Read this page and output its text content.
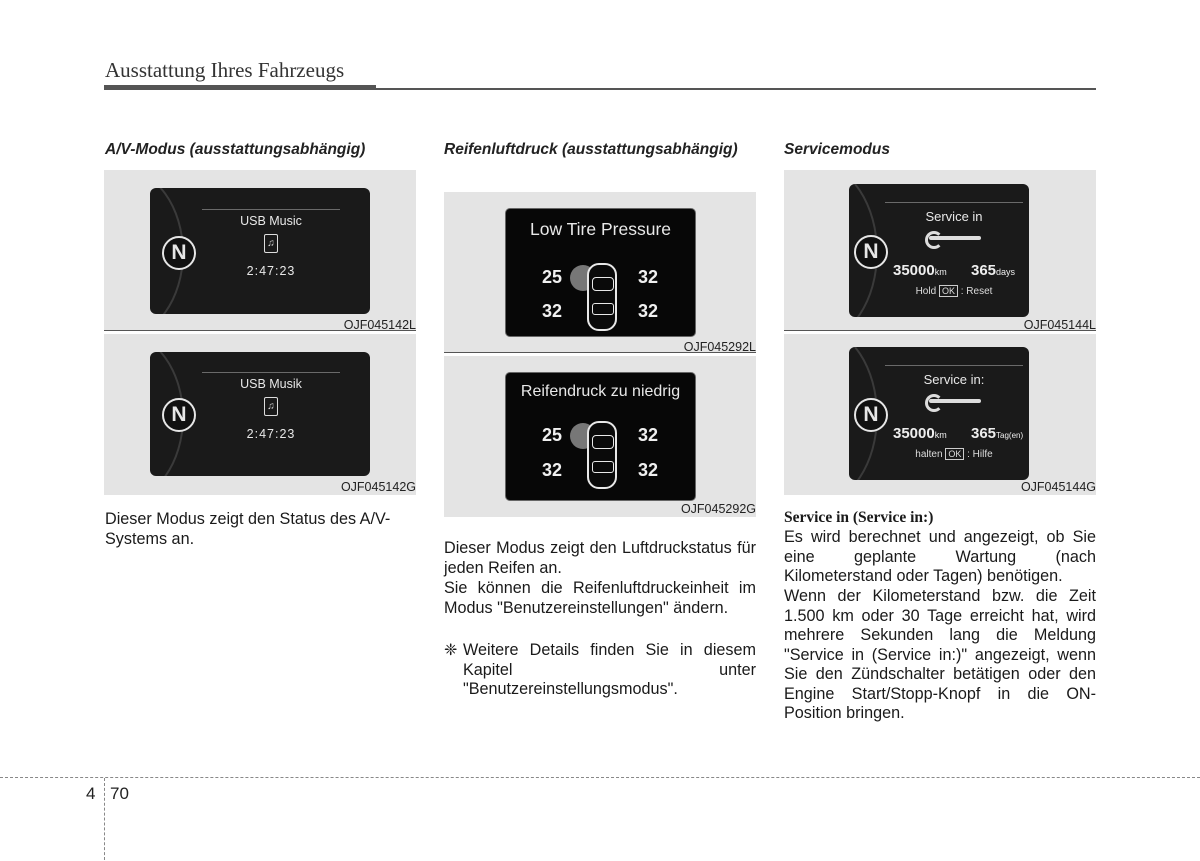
Ausstattung Ihres Fahrzeugs
A/V-Modus (ausstattungsabhängig)
N
USB Music
♫
2:47:23
OJF045142L
N
USB Musik
♫
2:47:23
OJF045142G
Dieser Modus zeigt den Status des A/V-Systems an.
Reifenluftdruck (ausstattungsabhängig)
Low Tire Pressure
25	32
32	32
OJF045292L
Reifendruck zu niedrig
25	32
32	32
OJF045292G
Dieser Modus zeigt den Luftdruckstatus für jeden Reifen an.
Sie können die Reifenluftdruckeinheit im Modus "Benutzereinstellungen" ändern.
❈ Weitere Details finden Sie in diesem Kapitel unter "Benutzereinstellungsmodus".
Servicemodus
N
Service in
35000km 365days
Hold OK : Reset
OJF045144L
N
Service in:
35000km 365Tag(en)
halten OK : Hilfe
OJF045144G
Service in (Service in:)
Es wird berechnet und angezeigt, ob Sie eine geplante Wartung (nach Kilometerstand oder Tagen) benötigen.
Wenn der Kilometerstand bzw. die Zeit 1.500 km oder 30 Tage erreicht hat, wird mehrere Sekunden lang die Meldung "Service in (Service in:)" angezeigt, wenn Sie den Zündschalter betätigen oder den Engine Start/Stopp-Knopf in die ON-Position bringen.
4 70
